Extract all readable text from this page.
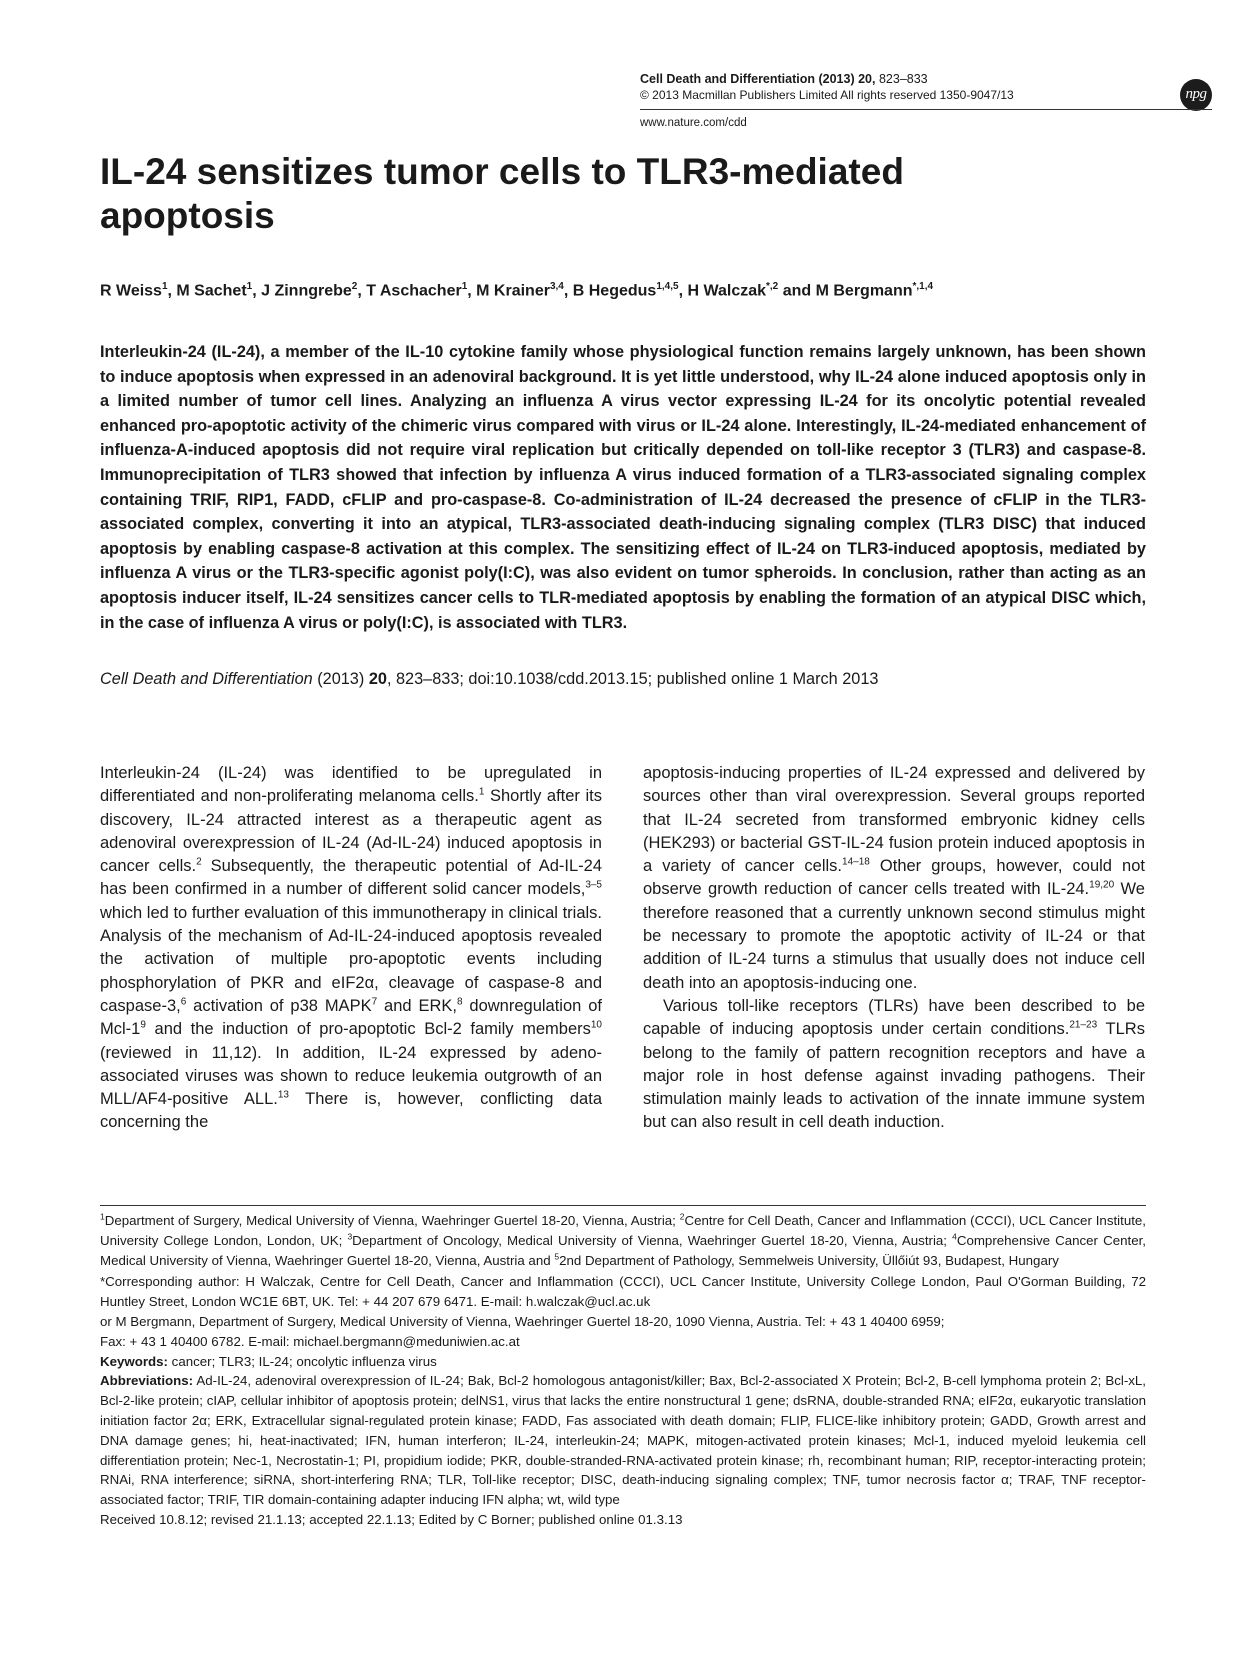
Cell Death and Differentiation (2013) 20, 823–833
© 2013 Macmillan Publishers Limited All rights reserved 1350-9047/13	npg
www.nature.com/cdd
IL-24 sensitizes tumor cells to TLR3-mediated apoptosis
R Weiss$^1$, M Sachet$^1$, J Zinngrebe$^2$, T Aschacher$^1$, M Krainer$^{3,4}$, B Hegedus$^{1,4,5}$, H Walczak$^{*,2}$ and M Bergmann$^{*,1,4}$

Interleukin-24 (IL-24), a member of the IL-10 cytokine family whose physiological function remains largely unknown, has been shown to induce apoptosis when expressed in an adenoviral background. It is yet little understood, why IL-24 alone induced apoptosis only in a limited number of tumor cell lines. Analyzing an influenza A virus vector expressing IL-24 for its oncolytic potential revealed enhanced pro-apoptotic activity of the chimeric virus compared with virus or IL-24 alone. Interestingly, IL-24-mediated enhancement of influenza-A-induced apoptosis did not require viral replication but critically depended on toll-like receptor 3 (TLR3) and caspase-8. Immunoprecipitation of TLR3 showed that infection by influenza A virus induced formation of a TLR3-associated signaling complex containing TRIF, RIP1, FADD, cFLIP and pro-caspase-8. Co-administration of IL-24 decreased the presence of cFLIP in the TLR3-associated complex, converting it into an atypical, TLR3-associated death-inducing signaling complex (TLR3 DISC) that induced apoptosis by enabling caspase-8 activation at this complex. The sensitizing effect of IL-24 on TLR3-induced apoptosis, mediated by influenza A virus or the TLR3-specific agonist poly(I:C), was also evident on tumor spheroids. In conclusion, rather than acting as an apoptosis inducer itself, IL-24 sensitizes cancer cells to TLR-mediated apoptosis by enabling the formation of an atypical DISC which, in the case of influenza A virus or poly(I:C), is associated with TLR3.

Cell Death and Differentiation (2013) 20, 823–833; doi:10.1038/cdd.2013.15; published online 1 March 2013

Interleukin-24 (IL-24) was identified to be upregulated in differentiated and non-proliferating melanoma cells.$^1$ Shortly after its discovery, IL-24 attracted interest as a therapeutic agent as adenoviral overexpression of IL-24 (Ad-IL-24) induced apoptosis in cancer cells.$^2$ Subsequently, the therapeutic potential of Ad-IL-24 has been confirmed in a number of different solid cancer models,$^{3-5}$ which led to further evaluation of this immunotherapy in clinical trials. Analysis of the mechanism of Ad-IL-24-induced apoptosis revealed the activation of multiple pro-apoptotic events including phosphorylation of PKR and eIF2α, cleavage of caspase-8 and caspase-3,$^6$ activation of p38 MAPK$^7$ and ERK,$^8$ downregulation of Mcl-$1^9$ and the induction of pro-apoptotic Bcl-2 family members$^{10}$ (reviewed in 11,12). In addition, IL-24 expressed by adeno-associated viruses was shown to reduce leukemia outgrowth of an MLL/AF4-positive ALL.$^{13}$ There is, however, conflicting data concerning the

apoptosis-inducing properties of IL-24 expressed and delivered by sources other than viral overexpression. Several groups reported that IL-24 secreted from transformed embryonic kidney cells (HEK293) or bacterial GST-IL-24 fusion protein induced apoptosis in a variety of cancer cells.$^{14-18}$ Other groups, however, could not observe growth reduction of cancer cells treated with IL-24.$^{19,20}$ We therefore reasoned that a currently unknown second stimulus might be necessary to promote the apoptotic activity of IL-24 or that addition of IL-24 turns a stimulus that usually does not induce cell death into an apoptosis-inducing one.

Various toll-like receptors (TLRs) have been described to be capable of inducing apoptosis under certain conditions.$^{21-23}$ TLRs belong to the family of pattern recognition receptors and have a major role in host defense against invading pathogens. Their stimulation mainly leads to activation of the innate immune system but can also result in cell death induction.

$^1$Department of Surgery, Medical University of Vienna, Waehringer Guertel 18-20, Vienna, Austria; $^2$Centre for Cell Death, Cancer and Inflammation (CCCI), UCL Cancer Institute, University College London, London, UK; $^3$Department of Oncology, Medical University of Vienna, Waehringer Guertel 18-20, Vienna, Austria; $^4$Comprehensive Cancer Center, Medical University of Vienna, Waehringer Guertel 18-20, Vienna, Austria and $^5$2nd Department of Pathology, Semmelweis University, Üllőiút 93, Budapest, Hungary

*Corresponding author: H Walczak, Centre for Cell Death, Cancer and Inflammation (CCCI), UCL Cancer Institute, University College London, Paul O'Gorman Building, 72 Huntley Street, London WC1E 6BT, UK. Tel: + 44 207 679 6471. E-mail: h.walczak@ucl.ac.uk

or M Bergmann, Department of Surgery, Medical University of Vienna, Waehringer Guertel 18-20, 1090 Vienna, Austria. Tel: + 43 1 40400 6959;

Fax: + 43 1 40400 6782. E-mail: michael.bergmann@meduniwien.ac.at

Keywords: cancer; TLR3; IL-24; oncolytic influenza virus

Abbreviations: Ad-IL-24, adenoviral overexpression of IL-24; Bak, Bcl-2 homologous antagonist/killer; Bax, Bcl-2-associated X Protein; Bcl-2, B-cell lymphoma protein 2; Bcl-xL, Bcl-2-like protein; cIAP, cellular inhibitor of apoptosis protein; delNS1, virus that lacks the entire nonstructural 1 gene; dsRNA, double-stranded RNA; eIF2α, eukaryotic translation initiation factor 2α; ERK, Extracellular signal-regulated protein kinase; FADD, Fas associated with death domain; FLIP, FLICE-like inhibitory protein; GADD, Growth arrest and DNA damage genes; hi, heat-inactivated; IFN, human interferon; IL-24, interleukin-24; MAPK, mitogen-activated protein kinases; Mcl-1, induced myeloid leukemia cell differentiation protein; Nec-1, Necrostatin-1; PI, propidium iodide; PKR, double-stranded-RNA-activated protein kinase; rh, recombinant human; RIP, receptor-interacting protein; RNAi, RNA interference; siRNA, short-interfering RNA; TLR, Toll-like receptor; DISC, death-inducing signaling complex; TNF, tumor necrosis factor α; TRAF, TNF receptor-associated factor; TRIF, TIR domain-containing adapter inducing IFN alpha; wt, wild type

Received 10.8.12; revised 21.1.13; accepted 22.1.13; Edited by C Borner; published online 01.3.13
